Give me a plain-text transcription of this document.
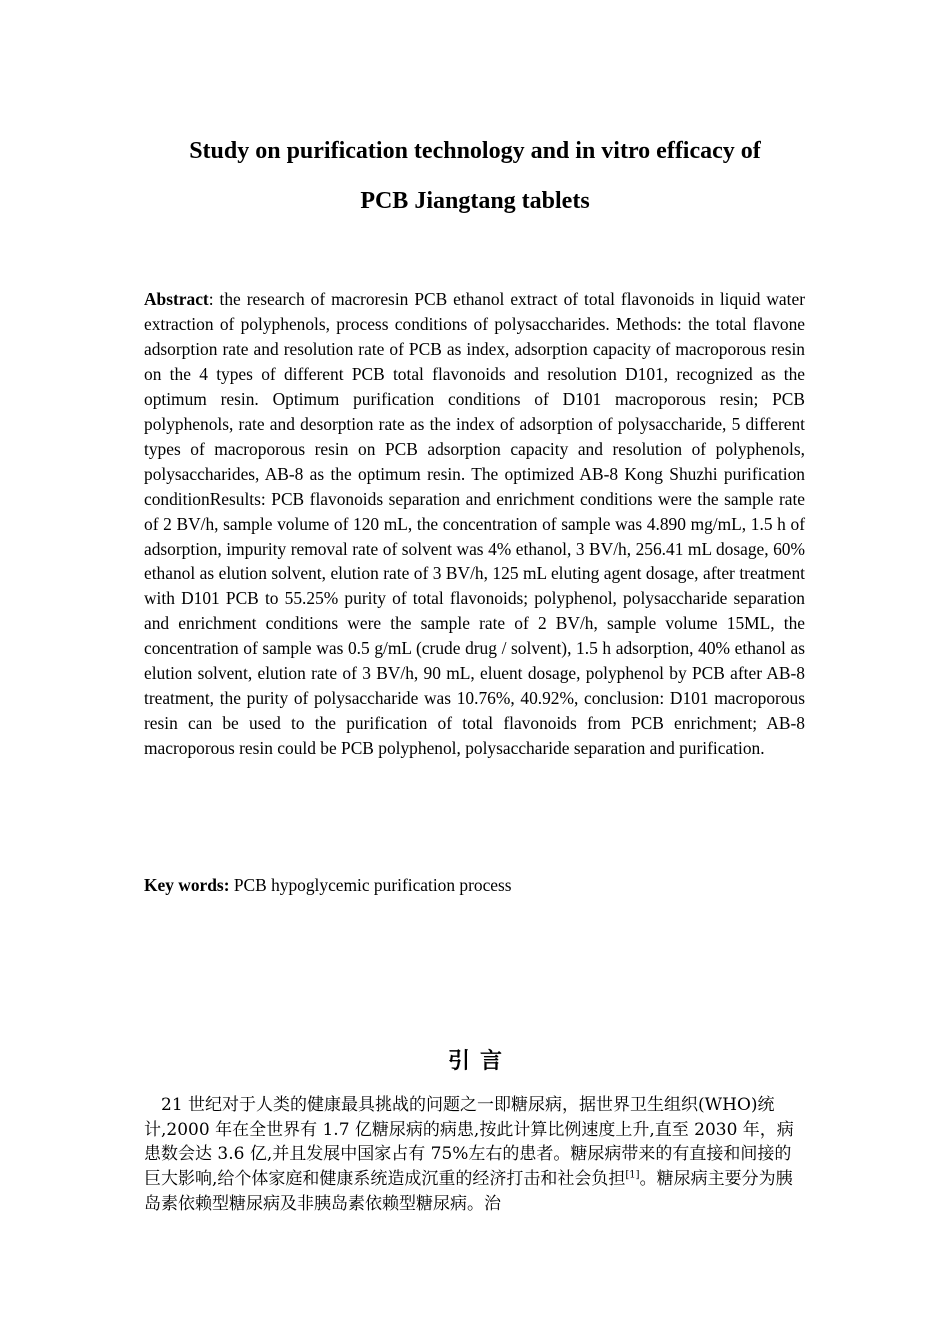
Study on purification technology and in vitro efficacy of
PCB Jiangtang tablets

Abstract: the research of macroresin PCB ethanol extract of total flavonoids in liquid water extraction of polyphenols, process conditions of polysaccharides. Methods: the total flavone adsorption rate and resolution rate of PCB as index, adsorption capacity of macroporous resin on the 4 types of different PCB total flavonoids and resolution D101, recognized as the optimum resin. Optimum purification conditions of D101 macroporous resin; PCB polyphenols, rate and desorption rate as the index of adsorption of polysaccharide, 5 different types of macroporous resin on PCB adsorption capacity and resolution of polyphenols, polysaccharides, AB-8 as the optimum resin. The optimized AB-8 Kong Shuzhi purification conditionResults: PCB flavonoids separation and enrichment conditions were the sample rate of 2 BV/h, sample volume of 120 mL, the concentration of sample was 4.890 mg/mL, 1.5 h of adsorption, impurity removal rate of solvent was 4% ethanol, 3 BV/h, 256.41 mL dosage, 60% ethanol as elution solvent, elution rate of 3 BV/h, 125 mL eluting agent dosage, after treatment with D101 PCB to 55.25% purity of total flavonoids; polyphenol, polysaccharide separation and enrichment conditions were the sample rate of 2 BV/h, sample volume 15ML, the concentration of sample was 0.5 g/mL (crude drug / solvent), 1.5 h adsorption, 40% ethanol as elution solvent, elution rate of 3 BV/h, 90 mL, eluent dosage, polyphenol by PCB after AB-8 treatment, the purity of polysaccharide was 10.76%, 40.92%, conclusion: D101 macroporous resin can be used to the purification of total flavonoids from PCB enrichment; AB-8 macroporous resin could be PCB polyphenol, polysaccharide separation and purification.

Key words: PCB hypoglycemic purification process

引言

21 世纪对于人类的健康最具挑战的问题之一即糖尿病，据世界卫生组织(WHO)统计,2000 年在全世界有 1.7 亿糖尿病的病患,按此计算比例速度上升,直至 2030 年，病患数会达 3.6 亿,并且发展中国家占有 75%左右的患者。糖尿病带来的有直接和间接的巨大影响,给个体家庭和健康系统造成沉重的经济打击和社会负担[1]。糖尿病主要分为胰岛素依赖型糖尿病及非胰岛素依赖型糖尿病。治
